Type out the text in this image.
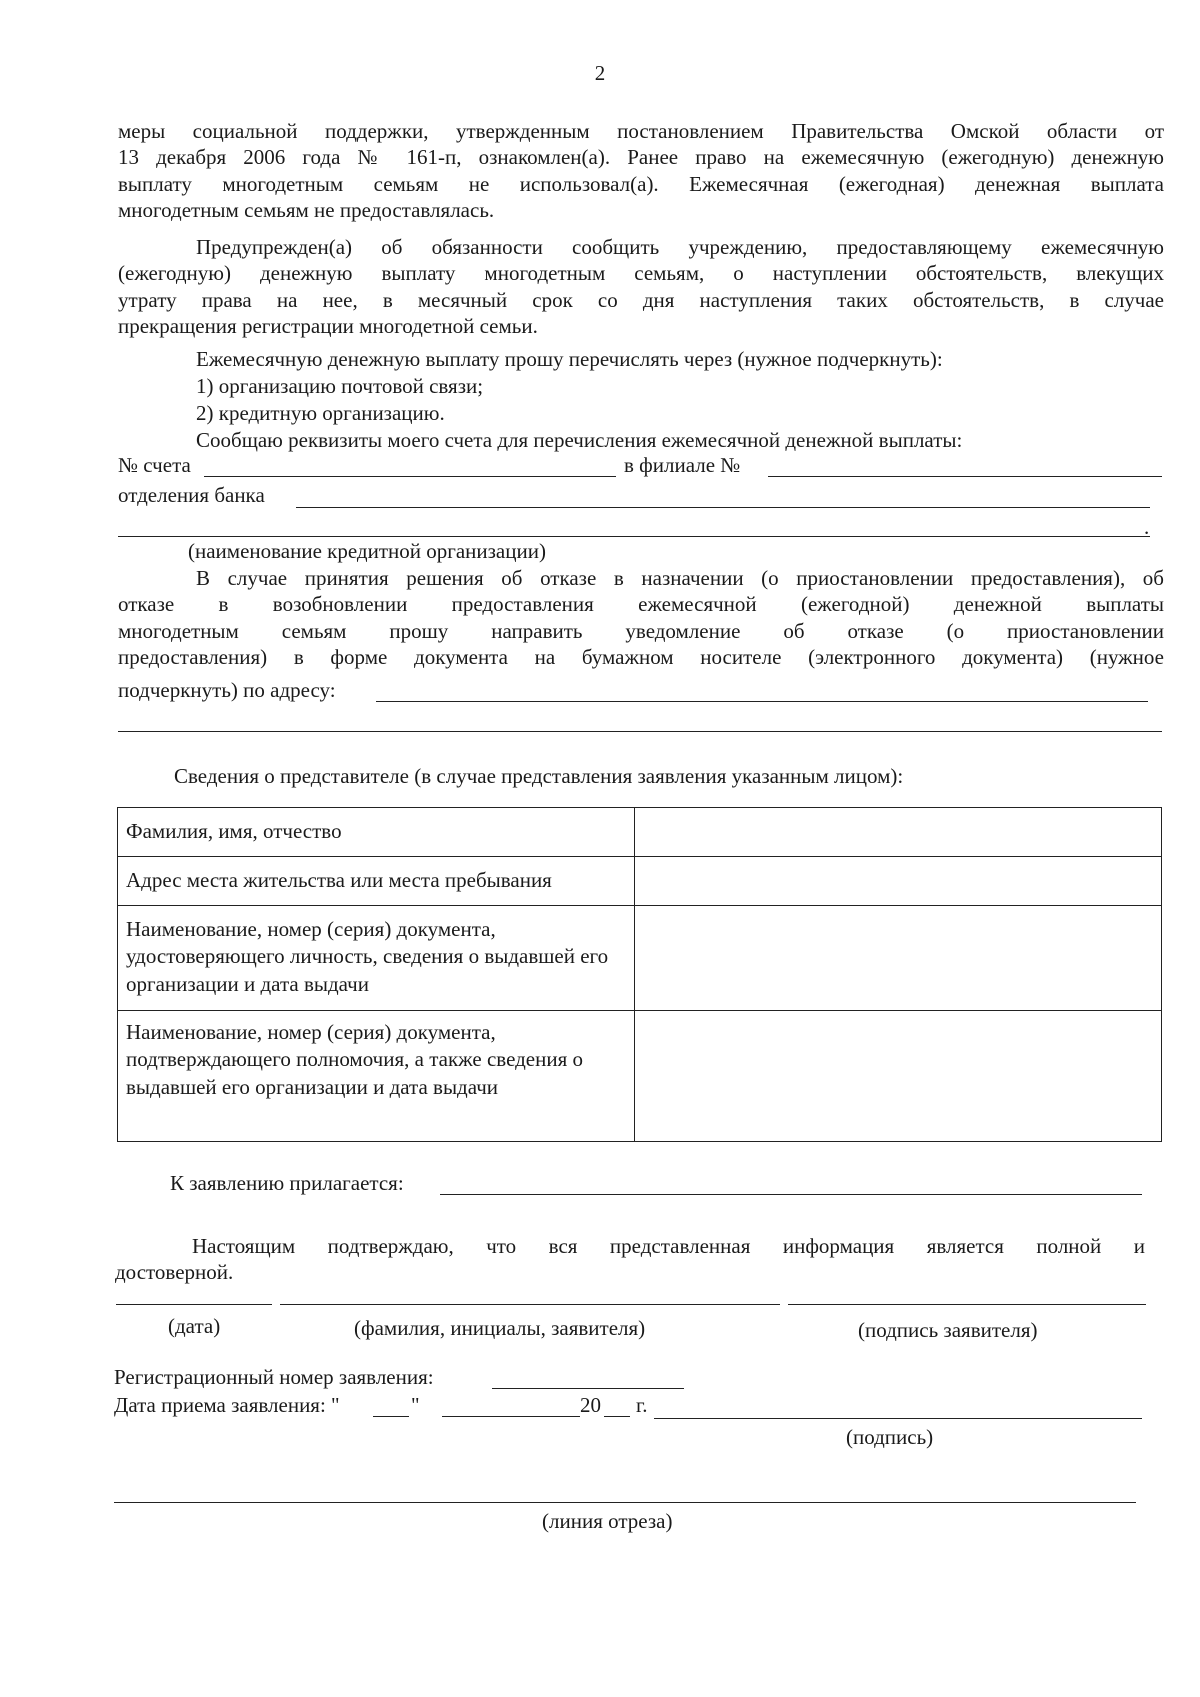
2
меры социальной поддержки, утвержденным постановлением Правительства Омской области от
13 декабря 2006 года № 161-п, ознакомлен(а). Ранее право на ежемесячную (ежегодную) денежную
выплату многодетным семьям не использовал(а). Ежемесячная (ежегодная) денежная выплата
многодетным семьям не предоставлялась.
Предупрежден(а) об обязанности сообщить учреждению, предоставляющему ежемесячную
(ежегодную) денежную выплату многодетным семьям, о наступлении обстоятельств, влекущих
утрату права на нее, в месячный срок со дня наступления таких обстоятельств, в случае
прекращения регистрации многодетной семьи.
Ежемесячную денежную выплату прошу перечислять через (нужное подчеркнуть):
1) организацию почтовой связи;
2) кредитную организацию.
Сообщаю реквизиты моего счета для перечисления ежемесячной денежной выплаты:
№ счета	в филиале №
отделения банка
.
(наименование кредитной организации)
В случае принятия решения об отказе в назначении (о приостановлении предоставления), об
отказе в возобновлении предоставления ежемесячной (ежегодной) денежной выплаты
многодетным семьям прошу направить уведомление об отказе (о приостановлении
предоставления) в форме документа на бумажном носителе (электронного документа) (нужное
подчеркнуть) по адресу:
Сведения о представителе (в случае представления заявления указанным лицом):
Фамилия, имя, отчество	
Адрес места жительства или места пребывания	
Наименование, номер (серия) документа, удостоверяющего личность, сведения о выдавшей его организации и дата выдачи	
Наименование, номер (серия) документа, подтверждающего полномочия, а также сведения о выдавшей его организации и дата выдачи	
К заявлению прилагается:
Настоящим подтверждаю, что вся представленная информация является полной и
достоверной.
(дата)	(фамилия, инициалы, заявителя)	(подпись заявителя)
Регистрационный номер заявления:
Дата приема заявления: "	"	20 г.
(подпись)
(линия отреза)
